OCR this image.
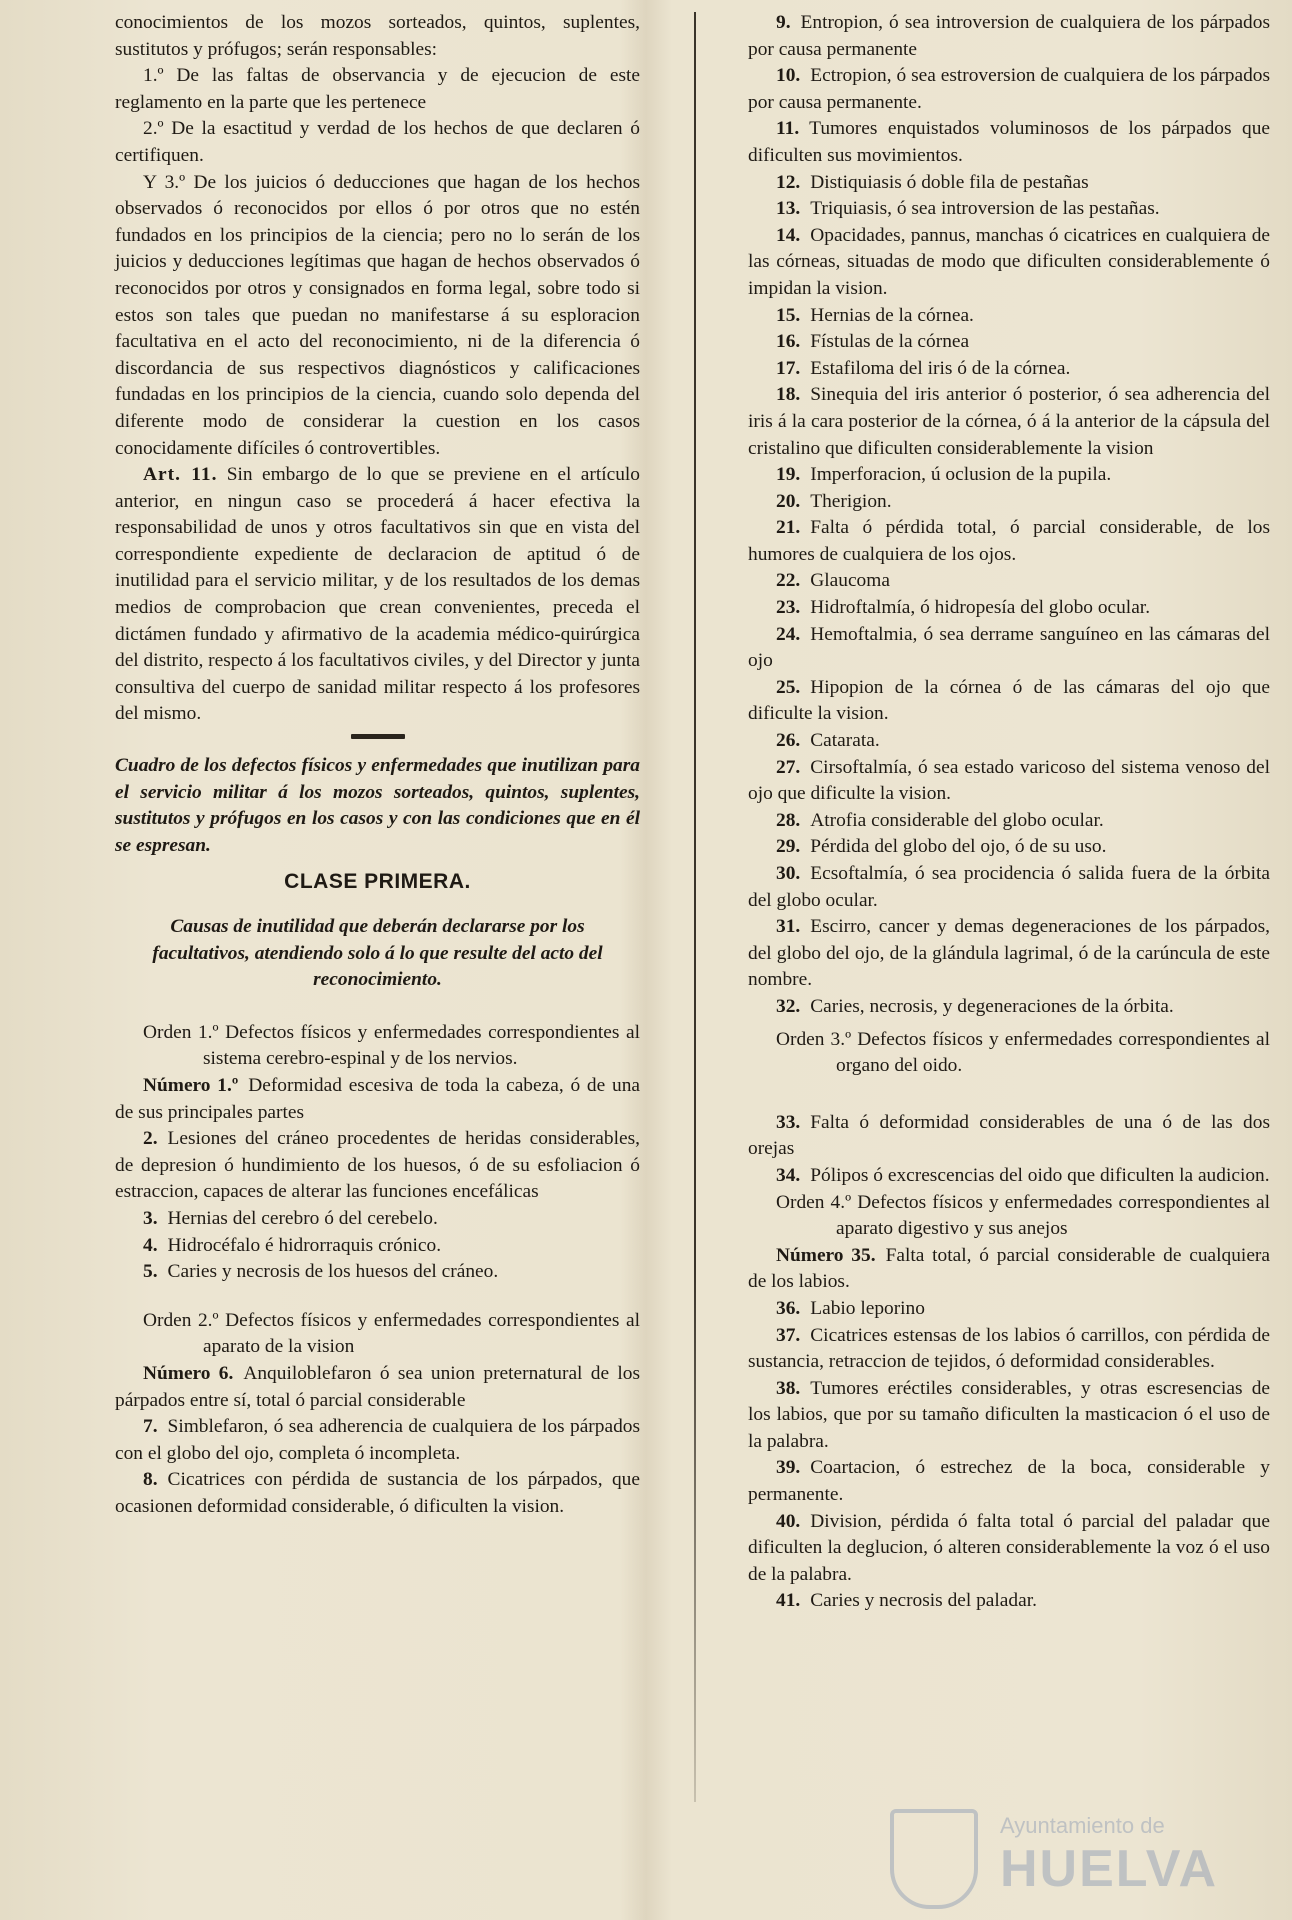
conocimientos de los mozos sorteados, quintos, suplentes, sustitutos y prófugos; serán responsables:

1.º De las faltas de observancia y de ejecucion de este reglamento en la parte que les pertenece

2.º De la esactitud y verdad de los hechos de que declaren ó certifiquen.

Y 3.º De los juicios ó deducciones que hagan de los hechos observados ó reconocidos por ellos ó por otros que no estén fundados en los principios de la ciencia; pero no lo serán de los juicios y deducciones legítimas que hagan de hechos observados ó reconocidos por otros y consignados en forma legal, sobre todo si estos son tales que puedan no manifestarse á su esploracion facultativa en el acto del reconocimiento, ni de la diferencia ó discordancia de sus respectivos diagnósticos y calificaciones fundadas en los principios de la ciencia, cuando solo dependa del diferente modo de considerar la cuestion en los casos conocidamente difíciles ó controvertibles.

Art. 11. Sin embargo de lo que se previene en el artículo anterior, en ningun caso se procederá á hacer efectiva la responsabilidad de unos y otros facultativos sin que en vista del correspondiente expediente de declaracion de aptitud ó de inutilidad para el servicio militar, y de los resultados de los demas medios de comprobacion que crean convenientes, preceda el dictámen fundado y afirmativo de la academia médico-quirúrgica del distrito, respecto á los facultativos civiles, y del Director y junta consultiva del cuerpo de sanidad militar respecto á los profesores del mismo.

Cuadro de los defectos físicos y enfermedades que inutilizan para el servicio militar á los mozos sorteados, quintos, suplentes, sustitutos y prófugos en los casos y con las condiciones que en él se espresan.

CLASE PRIMERA.

Causas de inutilidad que deberán declararse por los facultativos, atendiendo solo á lo que resulte del acto del reconocimiento.

Orden 1.º Defectos físicos y enfermedades correspondientes al sistema cerebro-espinal y de los nervios.

Número 1.º Deformidad escesiva de toda la cabeza, ó de una de sus principales partes

2. Lesiones del cráneo procedentes de heridas considerables, de depresion ó hundimiento de los huesos, ó de su esfoliacion ó estraccion, capaces de alterar las funciones encefálicas

3. Hernias del cerebro ó del cerebelo.

4. Hidrocéfalo é hidrorraquis crónico.

5. Caries y necrosis de los huesos del cráneo.

Orden 2.º Defectos físicos y enfermedades correspondientes al aparato de la vision

Número 6. Anquiloblefaron ó sea union preternatural de los párpados entre sí, total ó parcial considerable

7. Simblefaron, ó sea adherencia de cualquiera de los párpados con el globo del ojo, completa ó incompleta.

8. Cicatrices con pérdida de sustancia de los párpados, que ocasionen deformidad considerable, ó dificulten la vision.

9. Entropion, ó sea introversion de cualquiera de los párpados por causa permanente

10. Ectropion, ó sea estroversion de cualquiera de los párpados por causa permanente.

11. Tumores enquistados voluminosos de los párpados que dificulten sus movimientos.

12. Distiquiasis ó doble fila de pestañas

13. Triquiasis, ó sea introversion de las pestañas.

14. Opacidades, pannus, manchas ó cicatrices en cualquiera de las córneas, situadas de modo que dificulten considerablemente ó impidan la vision.

15. Hernias de la córnea.

16. Fístulas de la córnea

17. Estafiloma del iris ó de la córnea.

18. Sinequia del iris anterior ó posterior, ó sea adherencia del iris á la cara posterior de la córnea, ó á la anterior de la cápsula del cristalino que dificulten considerablemente la vision

19. Imperforacion, ú oclusion de la pupila.

20. Therigion.

21. Falta ó pérdida total, ó parcial considerable, de los humores de cualquiera de los ojos.

22. Glaucoma

23. Hidroftalmía, ó hidropesía del globo ocular.

24. Hemoftalmia, ó sea derrame sanguíneo en las cámaras del ojo

25. Hipopion de la córnea ó de las cámaras del ojo que dificulte la vision.

26. Catarata.

27. Cirsoftalmía, ó sea estado varicoso del sistema venoso del ojo que dificulte la vision.

28. Atrofia considerable del globo ocular.

29. Pérdida del globo del ojo, ó de su uso.

30. Ecsoftalmía, ó sea procidencia ó salida fuera de la órbita del globo ocular.

31. Escirro, cancer y demas degeneraciones de los párpados, del globo del ojo, de la glándula lagrimal, ó de la carúncula de este nombre.

32. Caries, necrosis, y degeneraciones de la órbita.

Orden 3.º Defectos físicos y enfermedades correspondientes al organo del oido.

33. Falta ó deformidad considerables de una ó de las dos orejas

34. Pólipos ó excrescencias del oido que dificulten la audicion.

Orden 4.º Defectos físicos y enfermedades correspondientes al aparato digestivo y sus anejos

Número 35. Falta total, ó parcial considerable de cualquiera de los labios.

36. Labio leporino

37. Cicatrices estensas de los labios ó carrillos, con pérdida de sustancia, retraccion de tejidos, ó deformidad considerables.

38. Tumores eréctiles considerables, y otras escresencias de los labios, que por su tamaño dificulten la masticacion ó el uso de la palabra.

39. Coartacion, ó estrechez de la boca, considerable y permanente.

40. Division, pérdida ó falta total ó parcial del paladar que dificulten la deglucion, ó alteren considerablemente la voz ó el uso de la palabra.

41. Caries y necrosis del paladar.

Ayuntamiento de
HUELVA
